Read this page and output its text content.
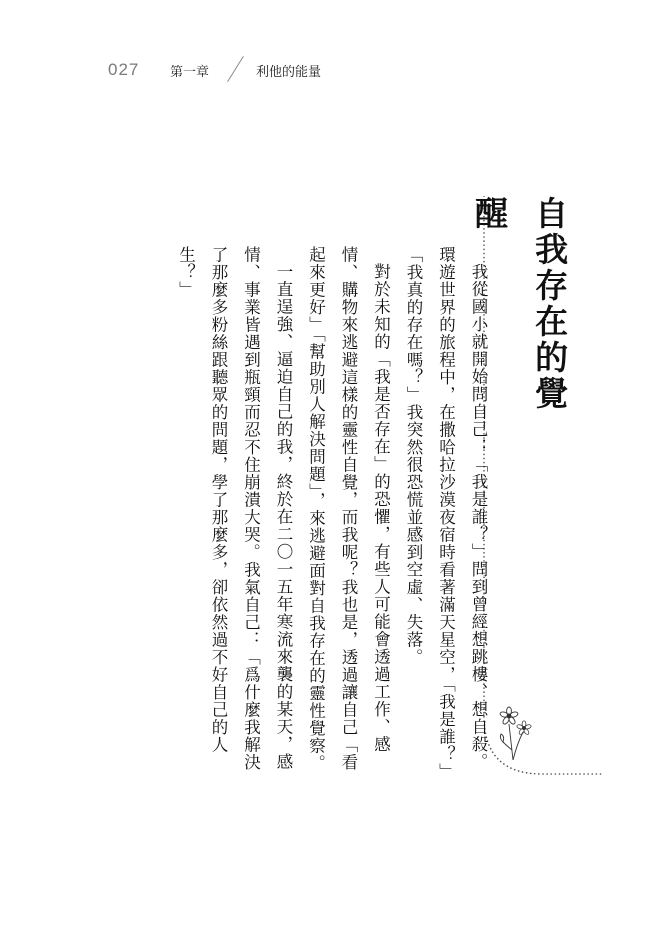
027 第一章	利他的能量
自我存在的覺醒

我從國小就開始問自己：「我是誰？」問到曾經想跳樓、想自殺。環遊世界的旅程中，在撒哈拉沙漠夜宿時看著滿天星空，「我是誰？」「我真的存在嗎？」我突然很恐慌並感到空虛、失落。

對於未知的「我是否存在」的恐懼，有些人可能會透過工作、感情、購物來逃避這樣的靈性自覺，而我呢？我也是，透過讓自己「看起來更好」「幫助別人解決問題」，來逃避面對自我存在的靈性覺察。

一直逞強、逼迫自己的我，終於在二〇一五年寒流來襲的某天，感情、事業皆遇到瓶頸而忍不住崩潰大哭。我氣自己：「爲什麼我解決了那麼多粉絲跟聽眾的問題，學了那麼多，卻依然過不好自己的人生？」
